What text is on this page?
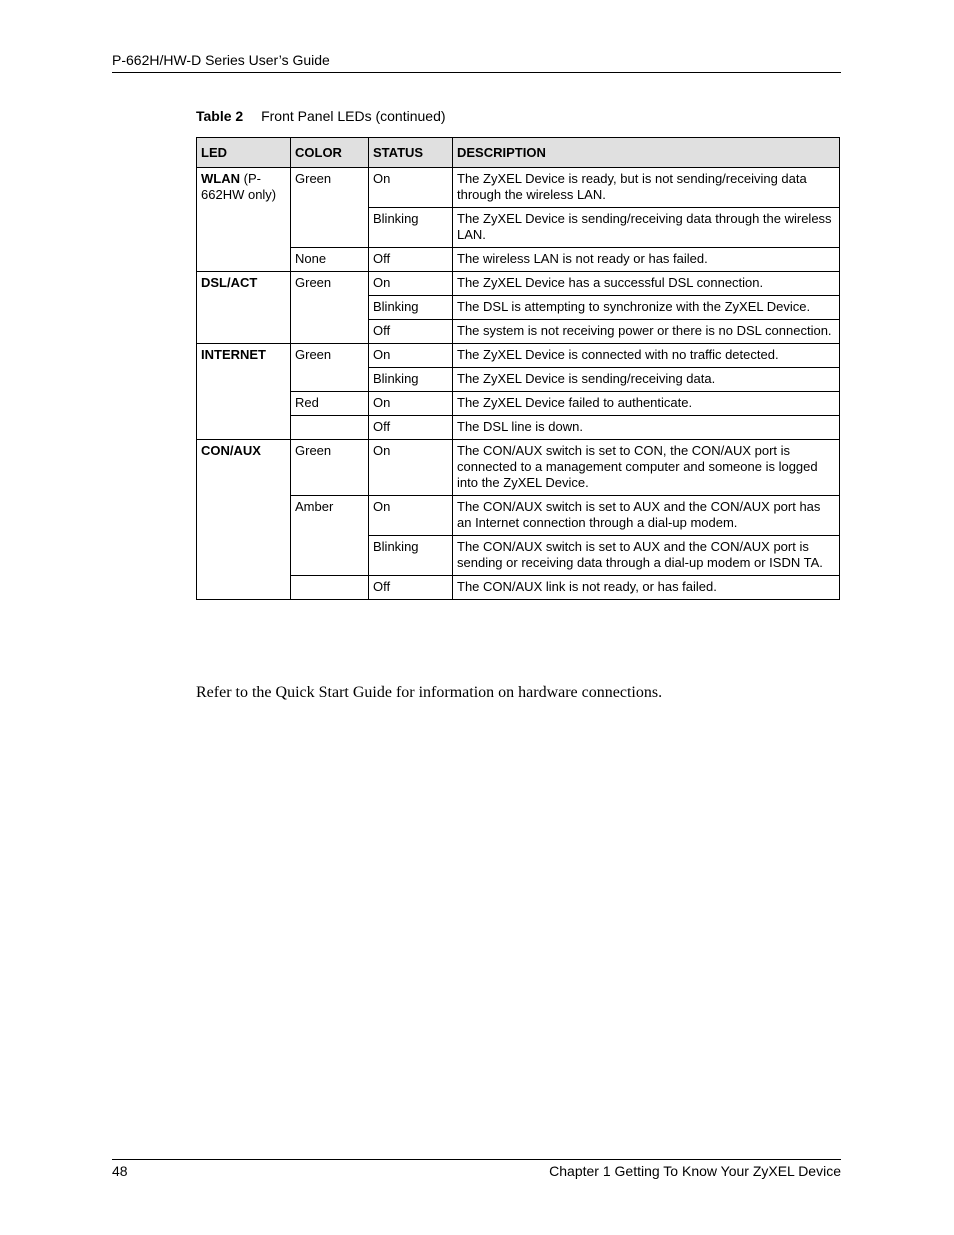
P-662H/HW-D Series User’s Guide
Table 2 Front Panel LEDs (continued)
LED	COLOR	STATUS	DESCRIPTION
WLAN (P-662HW only)	Green	On	The ZyXEL Device is ready, but is not sending/receiving data through the wireless LAN.
		Blinking	The ZyXEL Device is sending/receiving data through the wireless LAN.
	None	Off	The wireless LAN is not ready or has failed.
DSL/ACT	Green	On	The ZyXEL Device has a successful DSL connection.
		Blinking	The DSL is attempting to synchronize with the ZyXEL Device.
		Off	The system is not receiving power or there is no DSL connection.
INTERNET	Green	On	The ZyXEL Device is connected with no traffic detected.
		Blinking	The ZyXEL Device is sending/receiving data.
	Red	On	The ZyXEL Device failed to authenticate.
		Off	The DSL line is down.
CON/AUX	Green	On	The CON/AUX switch is set to CON, the CON/AUX port is connected to a management computer and someone is logged into the ZyXEL Device.
	Amber	On	The CON/AUX switch is set to AUX and the CON/AUX port has an Internet connection through a dial-up modem.
		Blinking	The CON/AUX switch is set to AUX and the CON/AUX port is sending or receiving data through a dial-up modem or ISDN TA.
		Off	The CON/AUX link is not ready, or has failed.
Refer to the Quick Start Guide for information on hardware connections.
48	Chapter 1 Getting To Know Your ZyXEL Device
